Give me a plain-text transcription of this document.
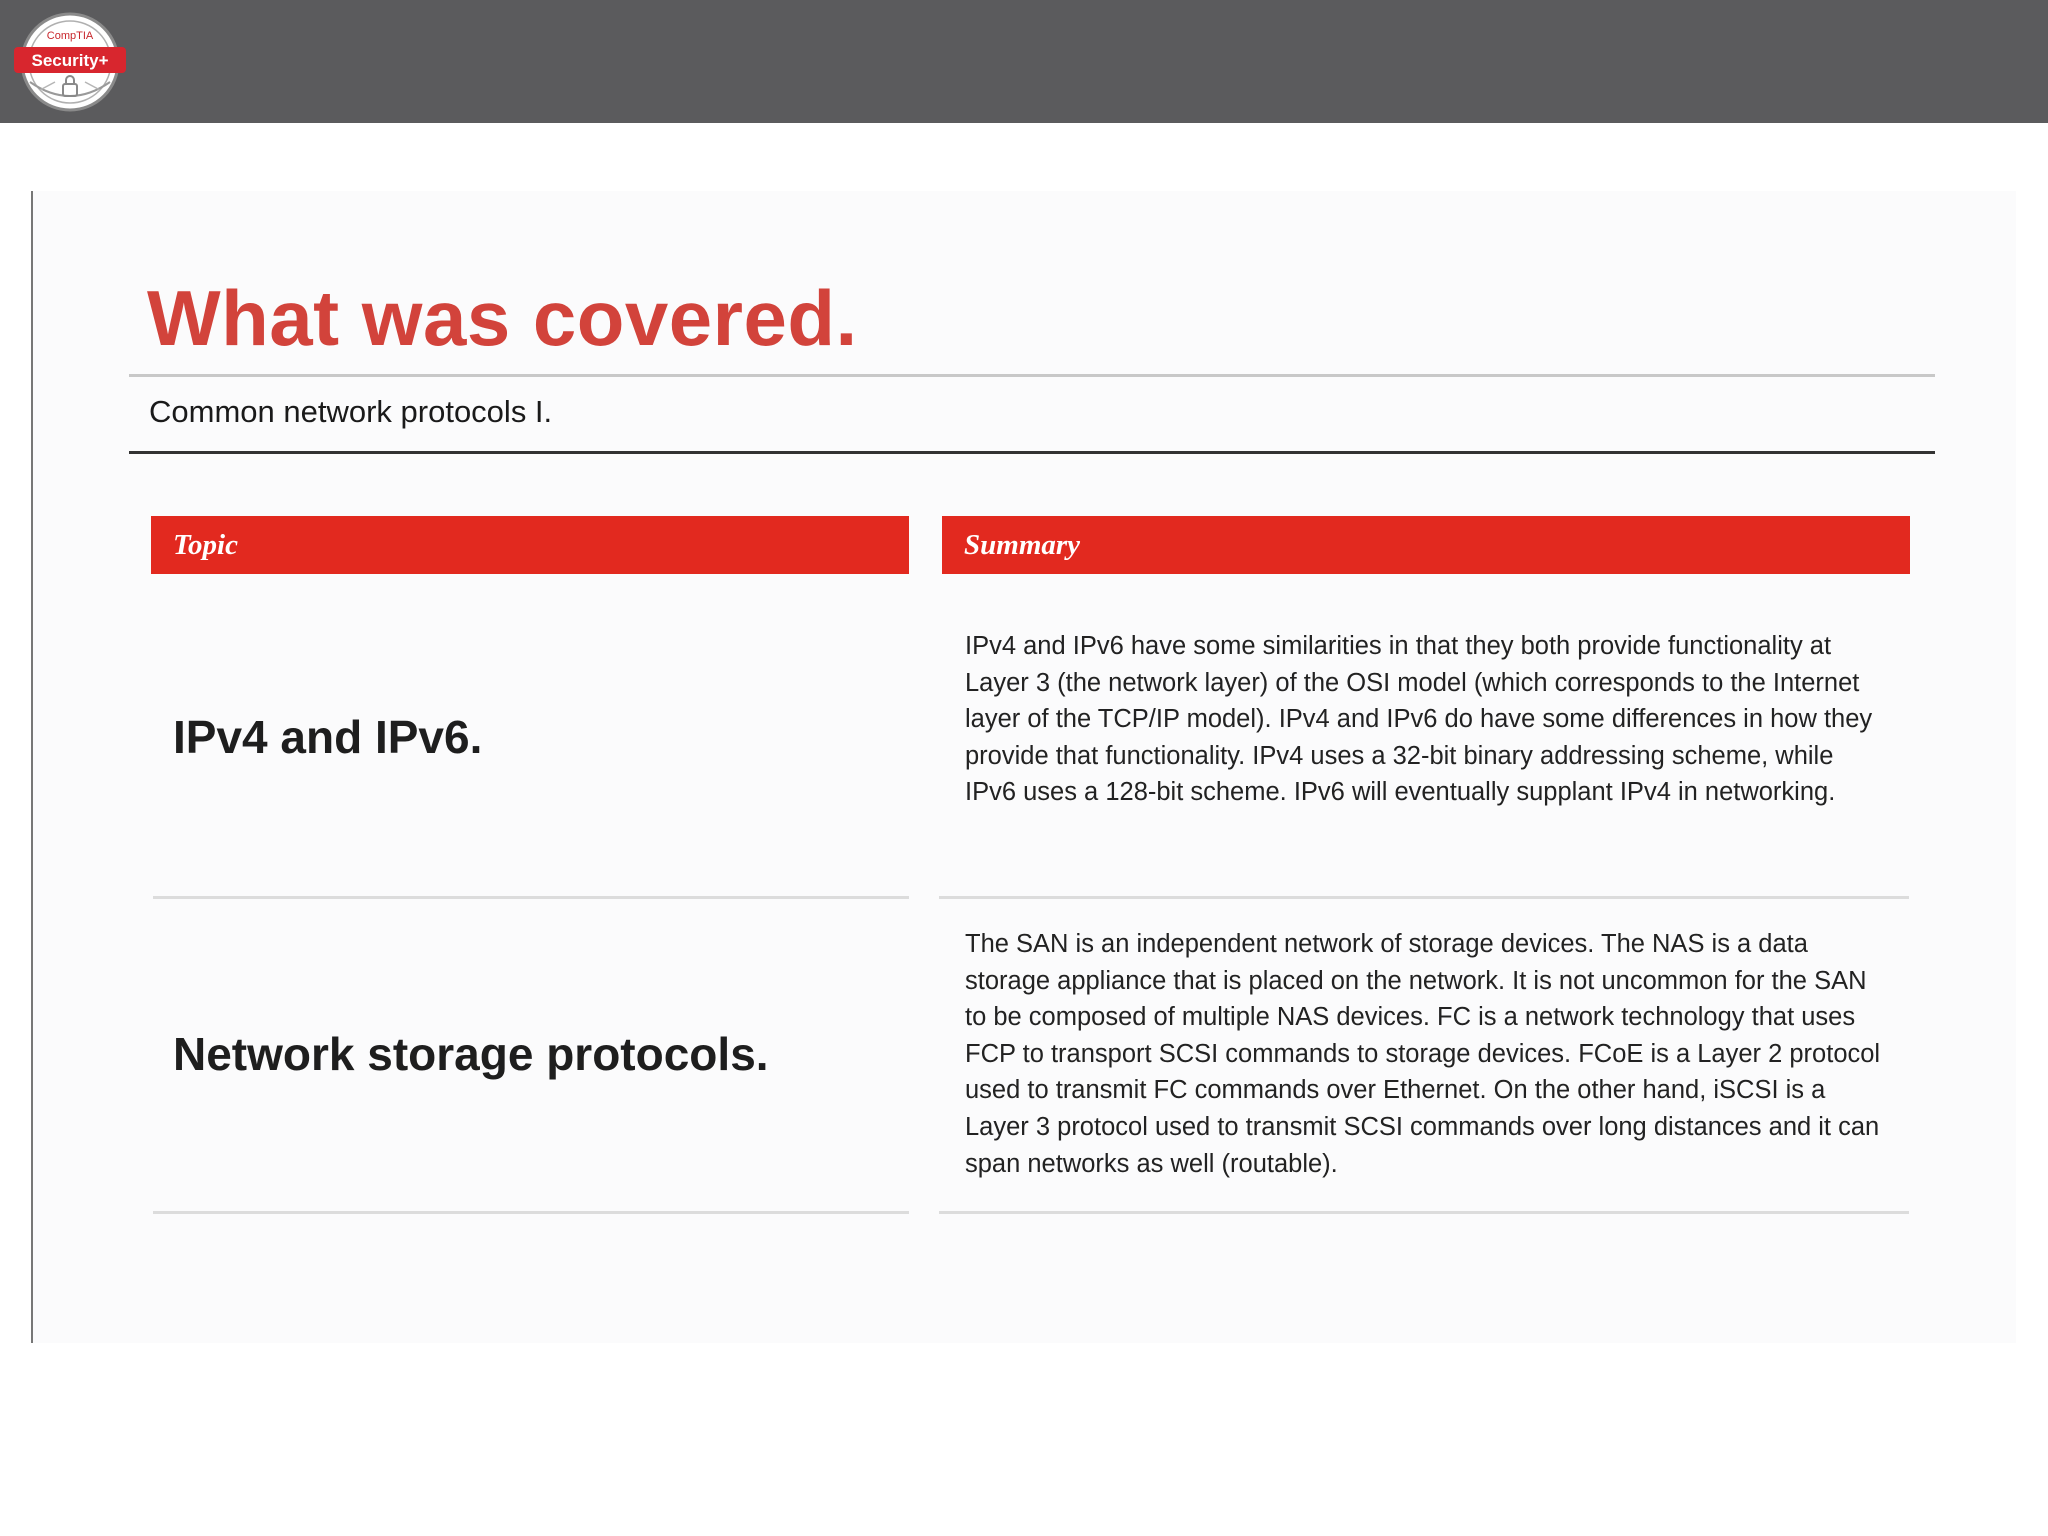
CompTIA
Security+
What was covered.
Common network protocols I.
Topic	Summary
IPv4 and IPv6.
IPv4 and IPv6 have some similarities in that they both provide functionality at Layer 3 (the network layer) of the OSI model (which corresponds to the Internet layer of the TCP/IP model). IPv4 and IPv6 do have some differences in how they provide that functionality. IPv4 uses a 32-bit binary addressing scheme, while IPv6 uses a 128-bit scheme. IPv6 will eventually supplant IPv4 in networking.
Network storage protocols.
The SAN is an independent network of storage devices. The NAS is a data storage appliance that is placed on the network. It is not uncommon for the SAN to be composed of multiple NAS devices. FC is a network technology that uses FCP to transport SCSI commands to storage devices. FCoE is a Layer 2 protocol used to transmit FC commands over Ethernet. On the other hand, iSCSI is a Layer 3 protocol used to transmit SCSI commands over long distances and it can span networks as well (routable).
